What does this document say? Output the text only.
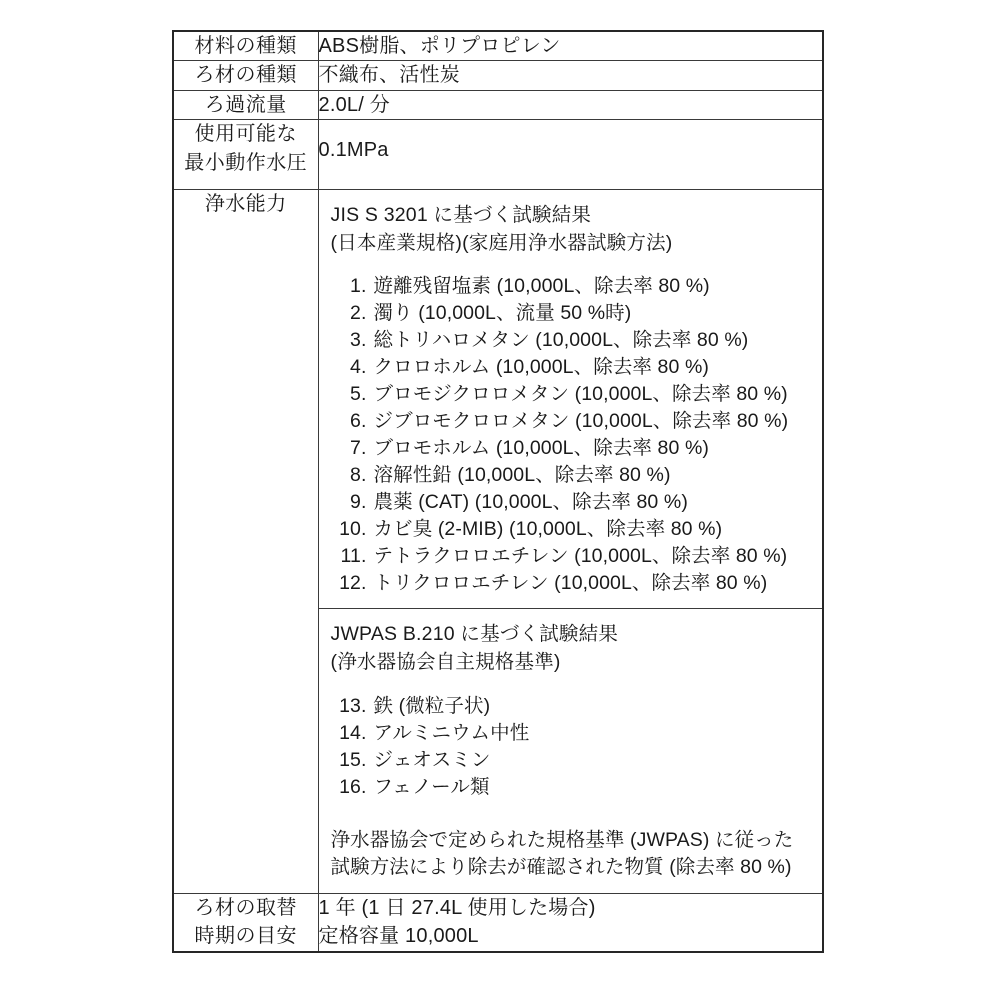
材料の種類	ABS樹脂、ポリプロピレン

ろ材の種類	不織布、活性炭

ろ過流量	2.0L/ 分

使用可能な
最小動作水圧	0.1MPa

浄水能力	JIS S 3201 に基づく試験結果
(日本産業規格)(家庭用浄水器試験方法)
1. 遊離残留塩素 (10,000L、除去率 80 %)
2. 濁り (10,000L、流量 50 %時)
3. 総トリハロメタン (10,000L、除去率 80 %)
4. クロロホルム (10,000L、除去率 80 %)
5. ブロモジクロロメタン (10,000L、除去率 80 %)
6. ジブロモクロロメタン (10,000L、除去率 80 %)
7. ブロモホルム (10,000L、除去率 80 %)
8. 溶解性鉛 (10,000L、除去率 80 %)
9. 農薬 (CAT) (10,000L、除去率 80 %)
10. カビ臭 (2-MIB) (10,000L、除去率 80 %)
11. テトラクロロエチレン (10,000L、除去率 80 %)
12. トリクロロエチレン (10,000L、除去率 80 %)
JWPAS B.210 に基づく試験結果
(浄水器協会自主規格基準)
13. 鉄 (微粒子状)
14. アルミニウム中性
15. ジェオスミン
16. フェノール類
浄水器協会で定められた規格基準 (JWPAS) に従った
試験方法により除去が確認された物質 (除去率 80 %)

ろ材の取替
時期の目安	1 年 (1 日 27.4L 使用した場合)
定格容量 10,000L
